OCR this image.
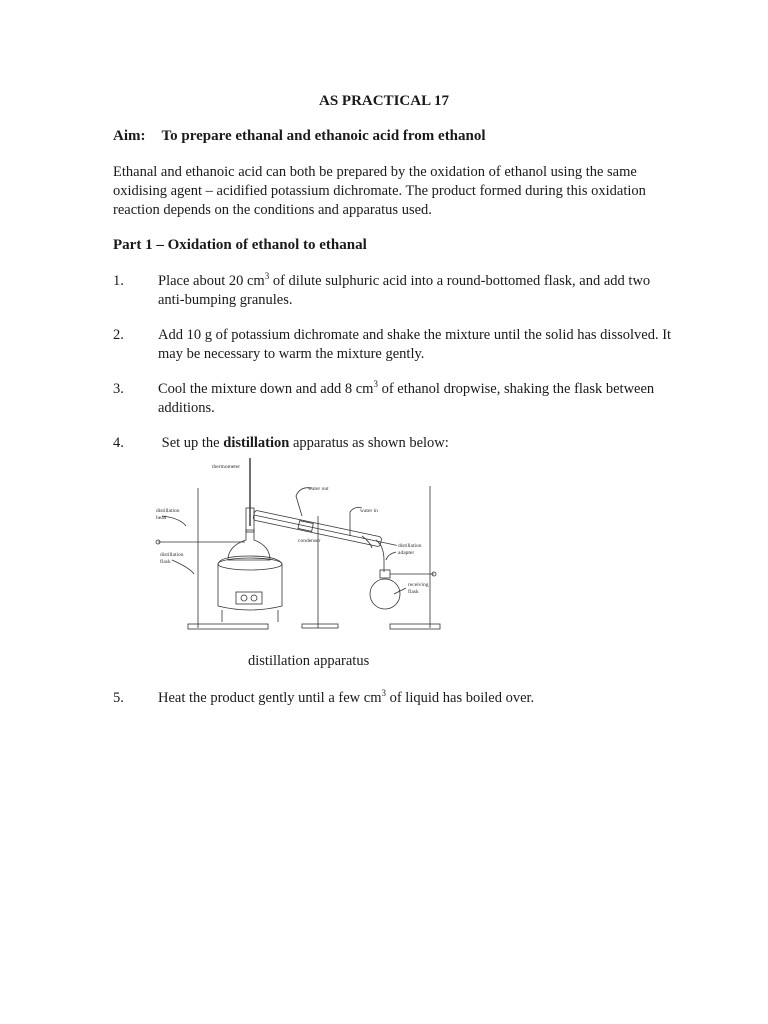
AS PRACTICAL 17
Aim: To prepare ethanal and ethanoic acid from ethanol
Ethanal and ethanoic acid can both be prepared by the oxidation of ethanol using the same oxidising agent – acidified potassium dichromate. The product formed during this oxidation reaction depends on the conditions and apparatus used.
Part 1 – Oxidation of ethanol to ethanal
1. Place about 20 $cm^3$ of dilute sulphuric acid into a round-bottomed flask, and add two anti-bumping granules.
2. Add 10 g of potassium dichromate and shake the mixture until the solid has dissolved. It may be necessary to warm the mixture gently.
3. Cool the mixture down and add 8 $cm^3$ of ethanol dropwise, shaking the flask between additions.
4. Set up the distillation apparatus as shown below:
thermometer
water out
water in
distillation
head
condenser
distillation
adapter
distillation
flask
receiving
flask
distillation apparatus
5. Heat the product gently until a few $cm^3$ of liquid has boiled over.
